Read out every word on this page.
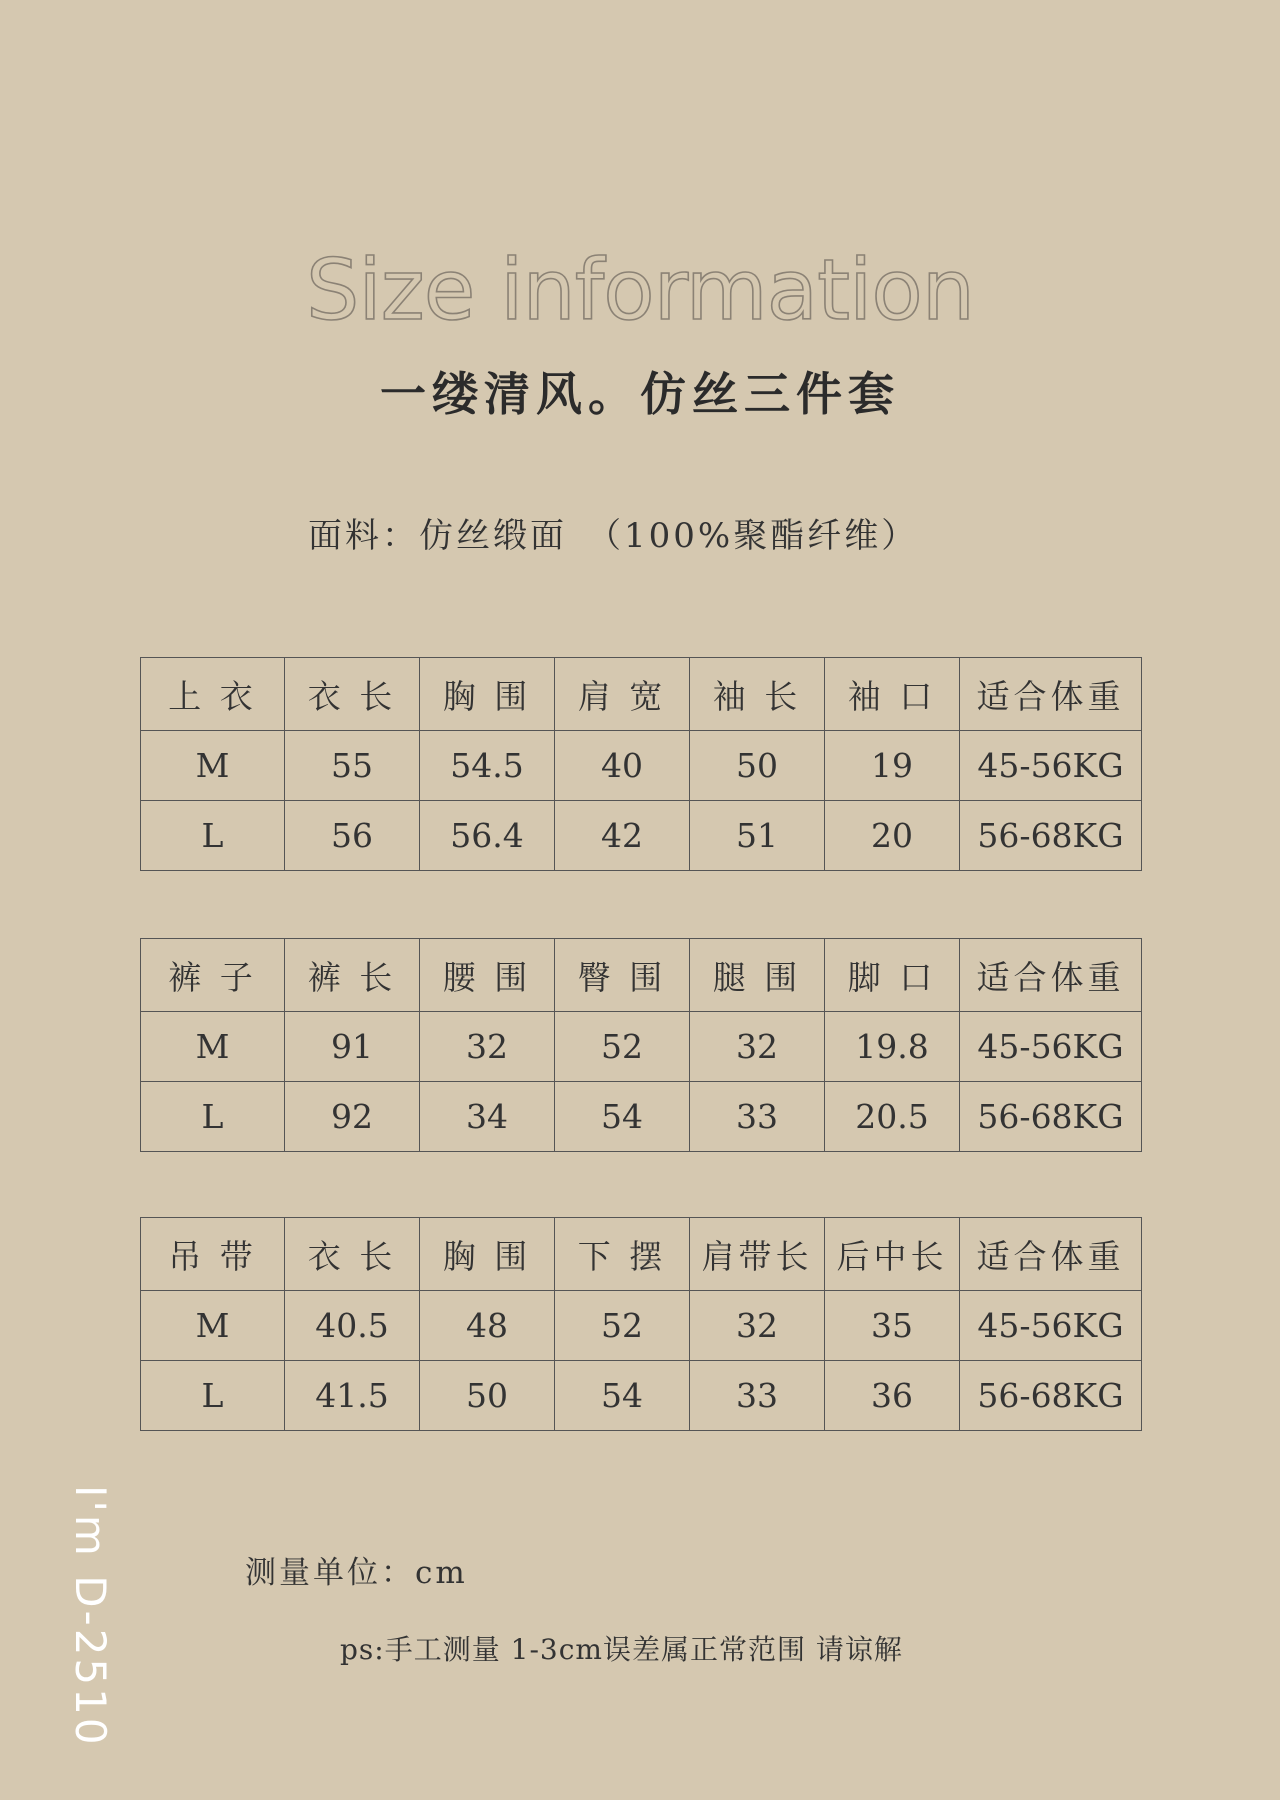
Size information
一缕清风。仿丝三件套
面料：仿丝缎面　（100%聚酯纤维）
上 衣	衣 长	胸 围	肩 宽	袖 长	袖 口	适合体重
M	55	54.5	40	50	19	45-56KG
L	56	56.4	42	51	20	56-68KG
裤 子	裤 长	腰 围	臀 围	腿 围	脚 口	适合体重
M	91	32	52	32	19.8	45-56KG
L	92	34	54	33	20.5	56-68KG
吊 带	衣 长	胸 围	下 摆	肩带长	后中长	适合体重
M	40.5	48	52	32	35	45-56KG
L	41.5	50	54	33	36	56-68KG
I'm D-2510	测量单位：cm
ps:手工测量 1-3cm误差属正常范围 请谅解
